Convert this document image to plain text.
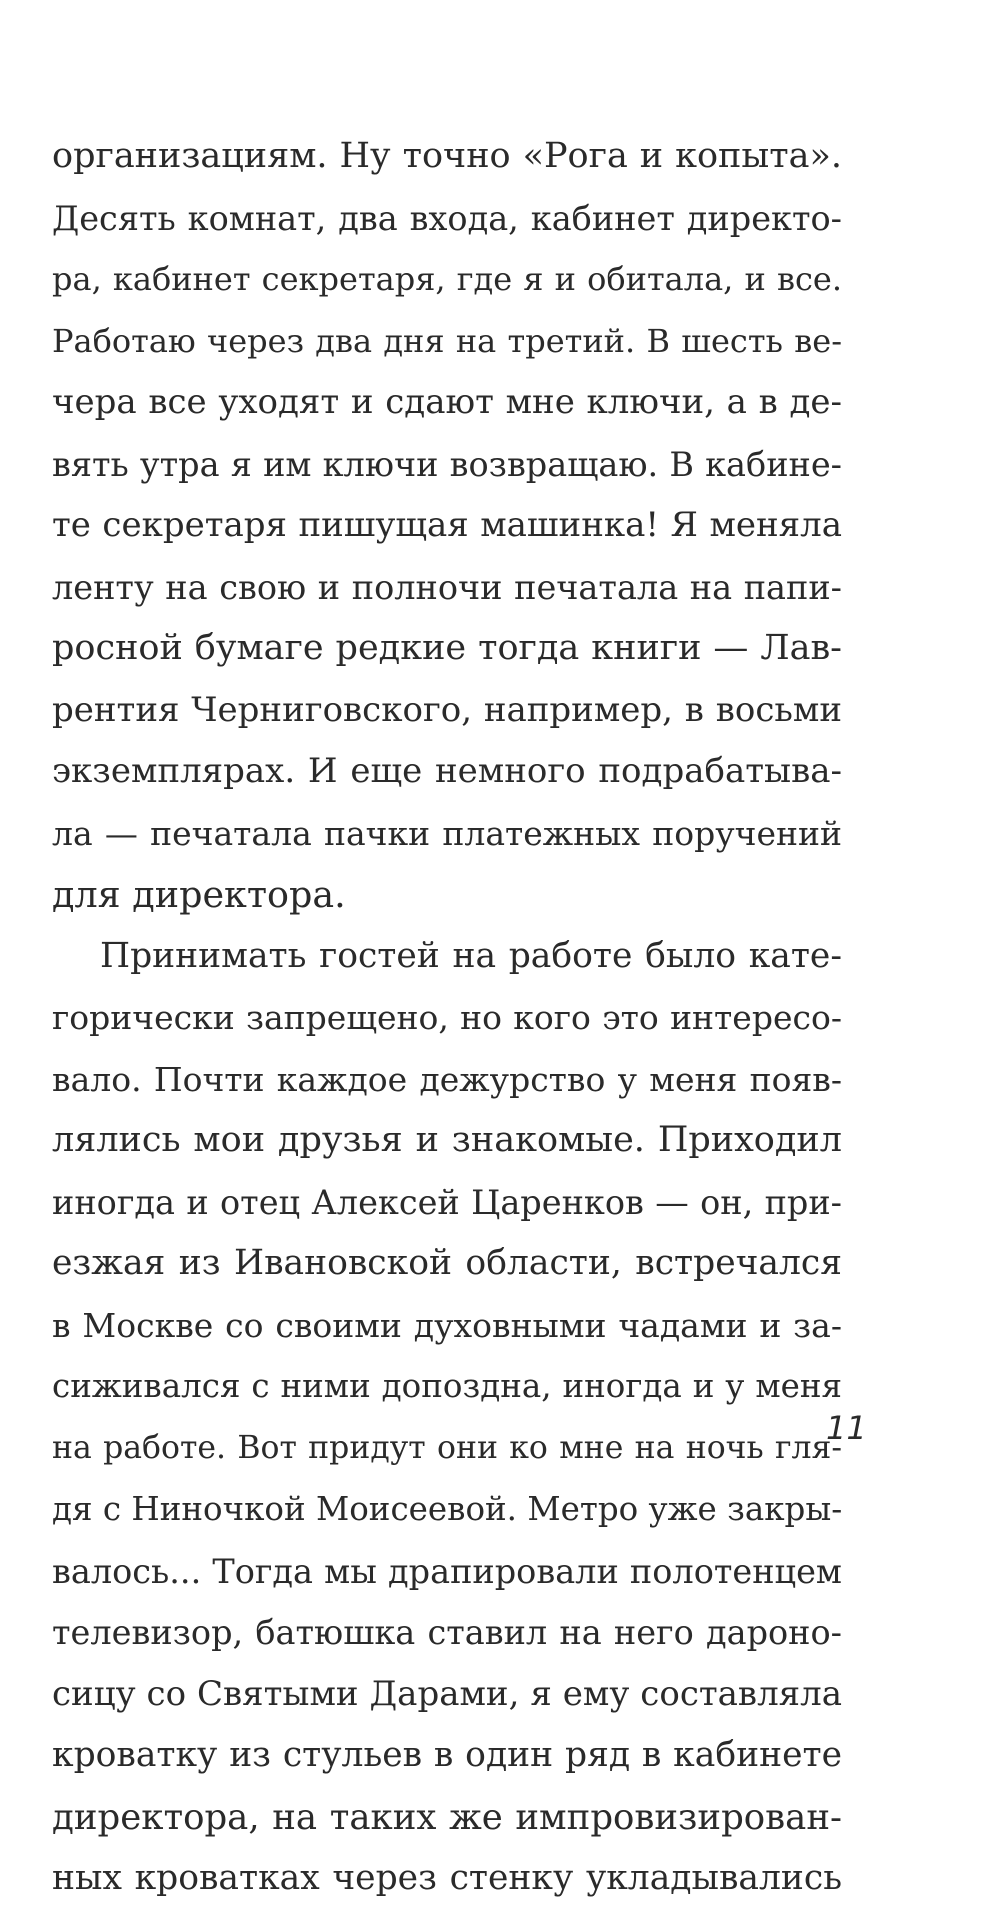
организациям. Ну точно «Рога и копыта».
Десять комнат, два входа, кабинет директо-
ра, кабинет секретаря, где я и обитала, и все.
Работаю через два дня на третий. В шесть ве-
чера все уходят и сдают мне ключи, а в де-
вять утра я им ключи возвращаю. В кабине-
те секретаря пишущая машинка! Я меняла
ленту на свою и полночи печатала на папи-
росной бумаге редкие тогда книги — Лав-
рентия Черниговского, например, в восьми
экземплярах. И еще немного подрабатыва-
ла — печатала пачки платежных поручений
для директора.
Принимать гостей на работе было кате-
горически запрещено, но кого это интересо-
вало. Почти каждое дежурство у меня появ-
лялись мои друзья и знакомые. Приходил
иногда и отец Алексей Царенков — он, при-
езжая из Ивановской области, встречался
в Москве со своими духовными чадами и за-
сиживался с ними допоздна, иногда и у меня
на работе. Вот придут они ко мне на ночь гля-
дя с Ниночкой Моисеевой. Метро уже закры-
валось... Тогда мы драпировали полотенцем
телевизор, батюшка ставил на него дароно-
сицу со Святыми Дарами, я ему составляла
кроватку из стульев в один ряд в кабинете
директора, на таких же импровизирован-
ных кроватках через стенку укладывались
11
